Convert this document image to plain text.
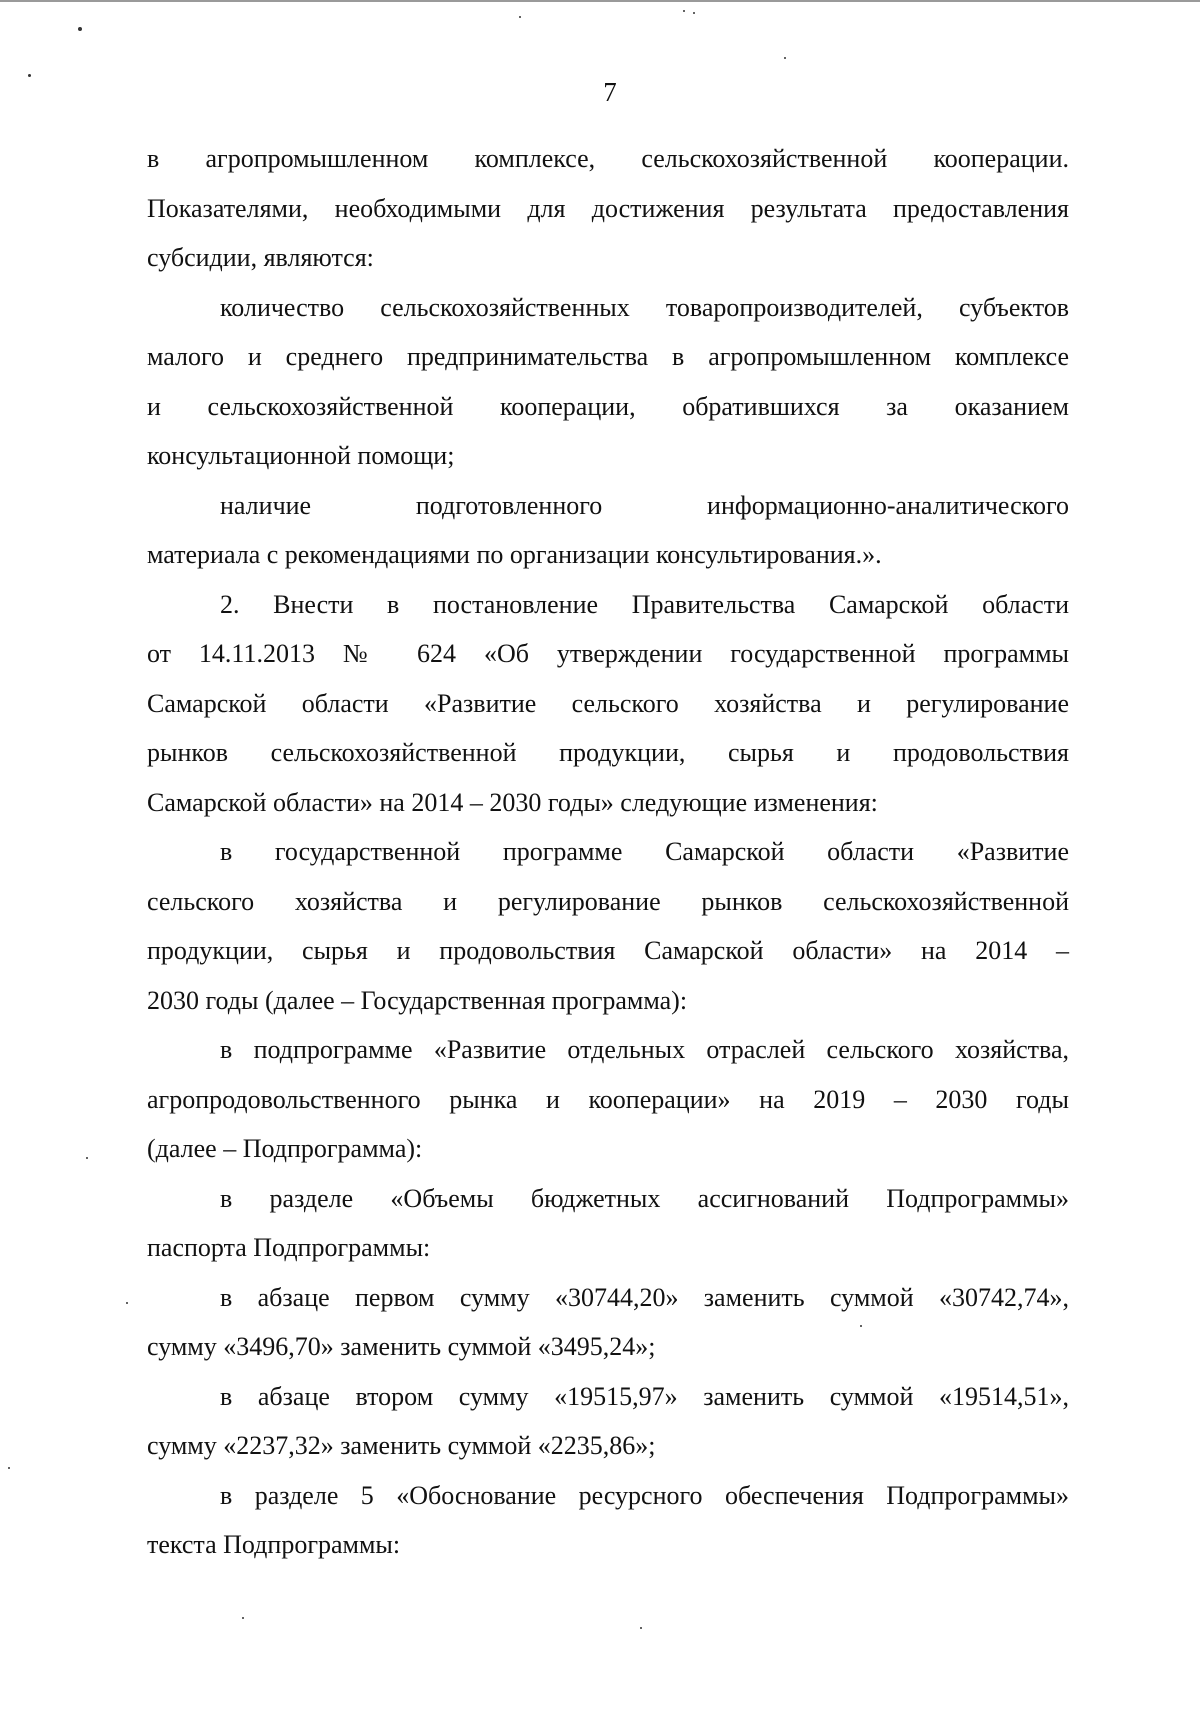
7

в агропромышленном комплексе, сельскохозяйственной кооперации.
Показателями, необходимыми для достижения результата предоставления
субсидии, являются:

количество сельскохозяйственных товаропроизводителей, субъектов
малого и среднего предпринимательства в агропромышленном комплексе
и сельскохозяйственной кооперации, обратившихся за оказанием
консультационной помощи;

наличие подготовленного информационно-аналитического
материала с рекомендациями по организации консультирования.».

2. Внести в постановление Правительства Самарской области
от 14.11.2013 № 624 «Об утверждении государственной программы
Самарской области «Развитие сельского хозяйства и регулирование
рынков сельскохозяйственной продукции, сырья и продовольствия
Самарской области» на 2014 – 2030 годы» следующие изменения:

в государственной программе Самарской области «Развитие
сельского хозяйства и регулирование рынков сельскохозяйственной
продукции, сырья и продовольствия Самарской области» на 2014 –
2030 годы (далее – Государственная программа):

в подпрограмме «Развитие отдельных отраслей сельского хозяйства,
агропродовольственного рынка и кооперации» на 2019 – 2030 годы
(далее – Подпрограмма):

в разделе «Объемы бюджетных ассигнований Подпрограммы»
паспорта Подпрограммы:

в абзаце первом сумму «30744,20» заменить суммой «30742,74»,
сумму «3496,70» заменить суммой «3495,24»;

в абзаце втором сумму «19515,97» заменить суммой «19514,51»,
сумму «2237,32» заменить суммой «2235,86»;

в разделе 5 «Обоснование ресурсного обеспечения Подпрограммы»
текста Подпрограммы:
